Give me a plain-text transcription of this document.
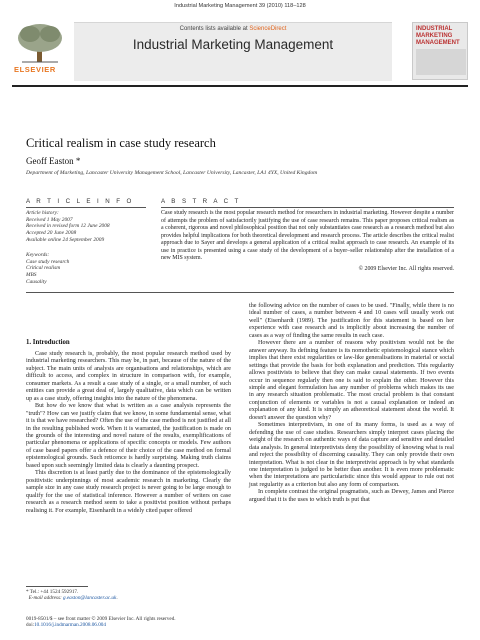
Industrial Marketing Management 39 (2010) 118–128
ELSEVIER
Contents lists available at ScienceDirect
Industrial Marketing Management
INDUSTRIAL MARKETING MANAGEMENT
Critical realism in case study research
Geoff Easton *
Department of Marketing, Lancaster University Management School, Lancaster University, Lancaster, LA1 4YX, United Kingdom
A R T I C L E I N F O	A B S T R A C T
Article history:
Received 1 May 2007
Received in revised form 12 June 2008
Accepted 20 June 2008
Available online 24 September 2009
Keywords:
Case study research
Critical realism
MBS
Causality
Case study research is the most popular research method for researchers in industrial marketing. However despite a number of attempts the problem of satisfactorily justifying the use of case research remains. This paper proposes critical realism as a coherent, rigorous and novel philosophical position that not only substantiates case research as a research method but also provides helpful implications for both theoretical development and research process. The article describes the critical realist approach due to Sayer and develops a general application of a critical realist approach to case research. An example of its use in practice is presented using a case study of the development of a buyer–seller relationship after the installation of a new MIS system.
© 2009 Elsevier Inc. All rights reserved.
1. Introduction

Case study research is, probably, the most popular research method used by industrial marketing researchers. This may be, in part, because of the nature of the subject. The main units of analysis are organisations and relationships, which are difficult to access, and complex in structure in comparison with, for example, consumer markets. As a result a case study of a single, or a small number, of such entities can provide a great deal of, largely qualitative, data which can be written up as a case study, offering insights into the nature of the phenomena.

But how do we know that what is written as a case analysis represents the "truth"? How can we justify claim that we know, in some fundamental sense, what it is that we have researched? Often the use of the case method is not justified at all in the resulting published work. When it is warranted, the justification is made on the grounds of the interesting and novel nature of the results, exemplifications of particular phenomena or applications of specific concepts or models. Few authors of case based papers offer a defence of their choice of the case method on formal epistemological grounds. Such reticence is hardly surprising. Making truth claims based upon such seemingly limited data is clearly a daunting prospect.

This discretion is at least partly due to the dominance of the epistemologically positivistic underpinnings of most academic research in marketing. Clearly the sample size in any case study research project is never going to be large enough to qualify for the use of statistical inference. However a number of writers on case research as a research method seem to take a positivist position without perhaps realising it. For example, Eisenhardt in a widely cited paper offered

the following advice on the number of cases to be used. "Finally, while there is no ideal number of cases, a number between 4 and 10 cases will usually work out well" (Eisenhardt (1989). The justification for this statement is based on her experience with case research and is implicitly about increasing the number of cases as a way of finding the same results in each case.

However there are a number of reasons why positivism would not be the answer anyway. Its defining feature is its nomothetic epistemological stance which implies that there exist regularities or law-like generalisations in material or social settings that provide the basis for both explanation and prediction. This regularity allows positivists to believe that they can make causal statements. If two events occur in sequence regularly then one is said to explain the other. However this simple and elegant formulation has any number of problems which makes its use in any research situation problematic. The most crucial problem is that constant conjunction of elements or variables is not a causal explanation or indeed an explanation of any kind. It is simply an atheoretical statement about the world. It doesn't answer the question why?

Sometimes interpretivism, in one of its many forms, is used as a way of defending the use of case studies. Researchers simply interpret cases placing the weight of the research on authentic ways of data capture and sensitive and detailed data analysis. In general interpretivists deny the possibility of knowing what is real and reject the possibility of discerning causality. They can only provide their own interpretation. What is not clear in the interpretivist approach is by what standards one interpretation is judged to be better than another. It is even more problematic when the interpretations are particularistic since this would appear to rule out not just regularity as a criterion but also any form of comparison.

In complete contrast the original pragmatists, such as Dewey, James and Pierce argued that it is the uses to which truth is put that

* Tel.: +44 1524 592917.
E-mail address: g.easton@lancaster.ac.uk.
0019-8501/$ – see front matter © 2009 Elsevier Inc. All rights reserved.
doi:10.1016/j.indmarman.2008.06.004
